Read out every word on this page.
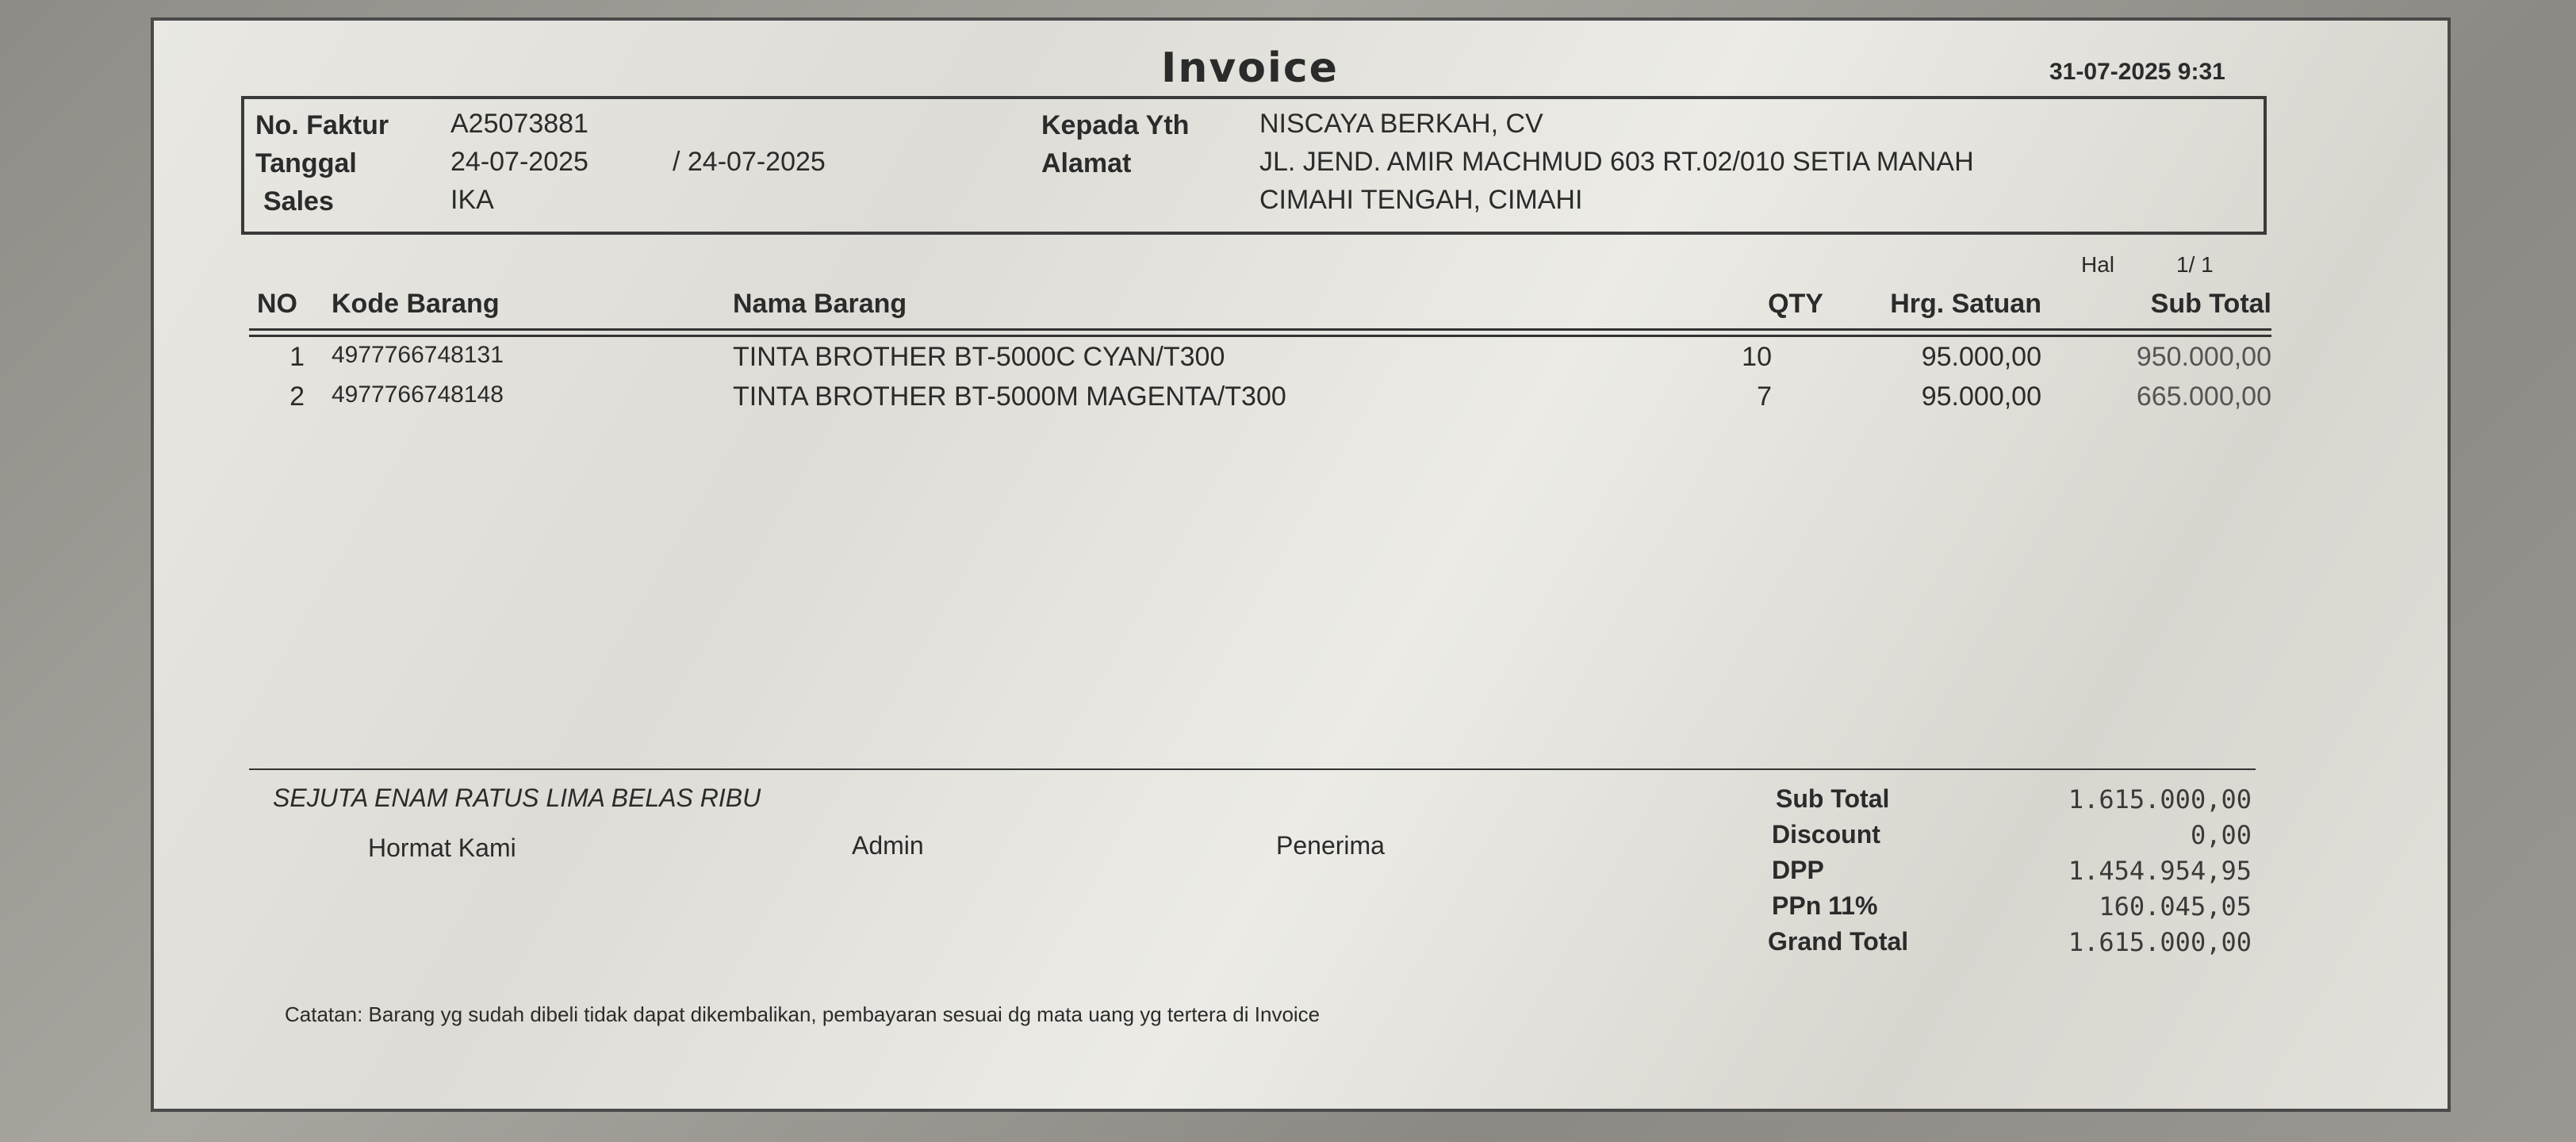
Invoice	31-07-2025 9:31
No. Faktur A25073881
Tanggal	24-07-2025	/ 24-07-2025
Sales	IKA
Kepada Yth	NISCAYA BERKAH, CV
Alamat	JL. JEND. AMIR MACHMUD 603 RT.02/010 SETIA MANAH
CIMAHI TENGAH, CIMAHI
Hal	1/ 1
NO Kode Barang	Nama Barang	QTY	Hrg. Satuan	Sub Total
1 4977766748131	TINTA BROTHER BT-5000C CYAN/T300	10	95.000,00	950.000,00
2 4977766748148	TINTA BROTHER BT-5000M MAGENTA/T300	7	95.000,00	665.000,00
SEJUTA ENAM RATUS LIMA BELAS RIBU
Hormat Kami	Admin	Penerima
Sub Total	1.615.000,00
Discount	0,00
DPP	1.454.954,95
PPn 11%	160.045,05
Grand Total	1.615.000,00
Catatan: Barang yg sudah dibeli tidak dapat dikembalikan, pembayaran sesuai dg mata uang yg tertera di Invoice
